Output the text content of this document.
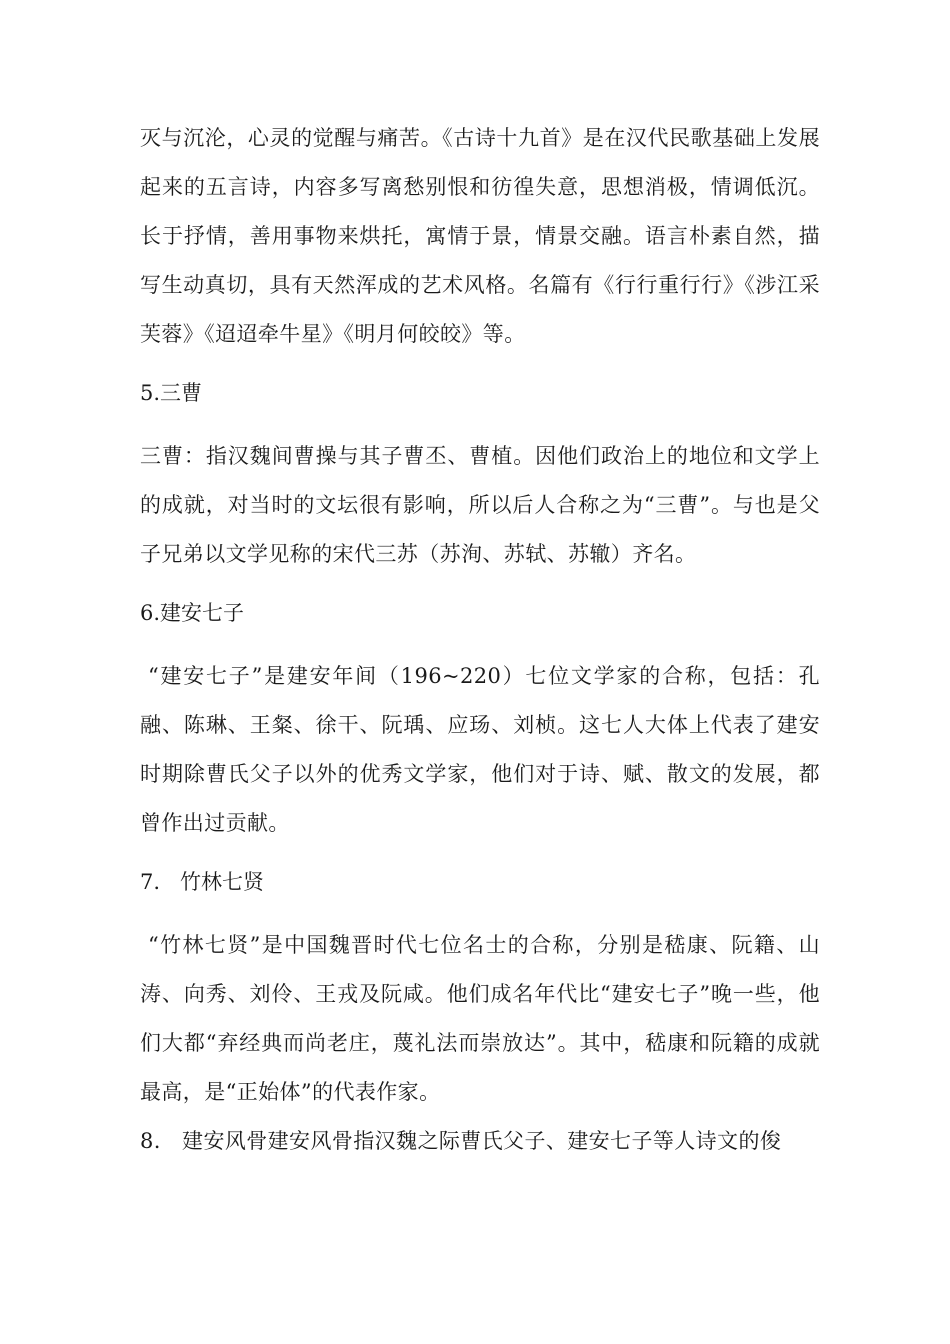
灭与沉沦，心灵的觉醒与痛苦。《古诗十九首》是在汉代民歌基础上发展起来的五言诗，内容多写离愁别恨和彷徨失意，思想消极，情调低沉。长于抒情，善用事物来烘托，寓情于景，情景交融。语言朴素自然，描写生动真切，具有天然浑成的艺术风格。名篇有《行行重行行》《涉江采芙蓉》《迢迢牵牛星》《明月何皎皎》等。

5.三曹

三曹：指汉魏间曹操与其子曹丕、曹植。因他们政治上的地位和文学上的成就，对当时的文坛很有影响，所以后人合称之为“三曹”。与也是父子兄弟以文学见称的宋代三苏（苏洵、苏轼、苏辙）齐名。

6.建安七子

“建安七子”是建安年间（196~220）七位文学家的合称，包括：孔融、陈琳、王粲、徐干、阮瑀、应玚、刘桢。这七人大体上代表了建安时期除曹氏父子以外的优秀文学家，他们对于诗、赋、散文的发展，都曾作出过贡献。

7.   竹林七贤

“竹林七贤”是中国魏晋时代七位名士的合称，分别是嵇康、阮籍、山涛、向秀、刘伶、王戎及阮咸。他们成名年代比“建安七子”晚一些，他们大都“弃经典而尚老庄，蔑礼法而崇放达”。其中，嵇康和阮籍的成就最高，是“正始体”的代表作家。

8.   建安风骨建安风骨指汉魏之际曹氏父子、建安七子等人诗文的俊
